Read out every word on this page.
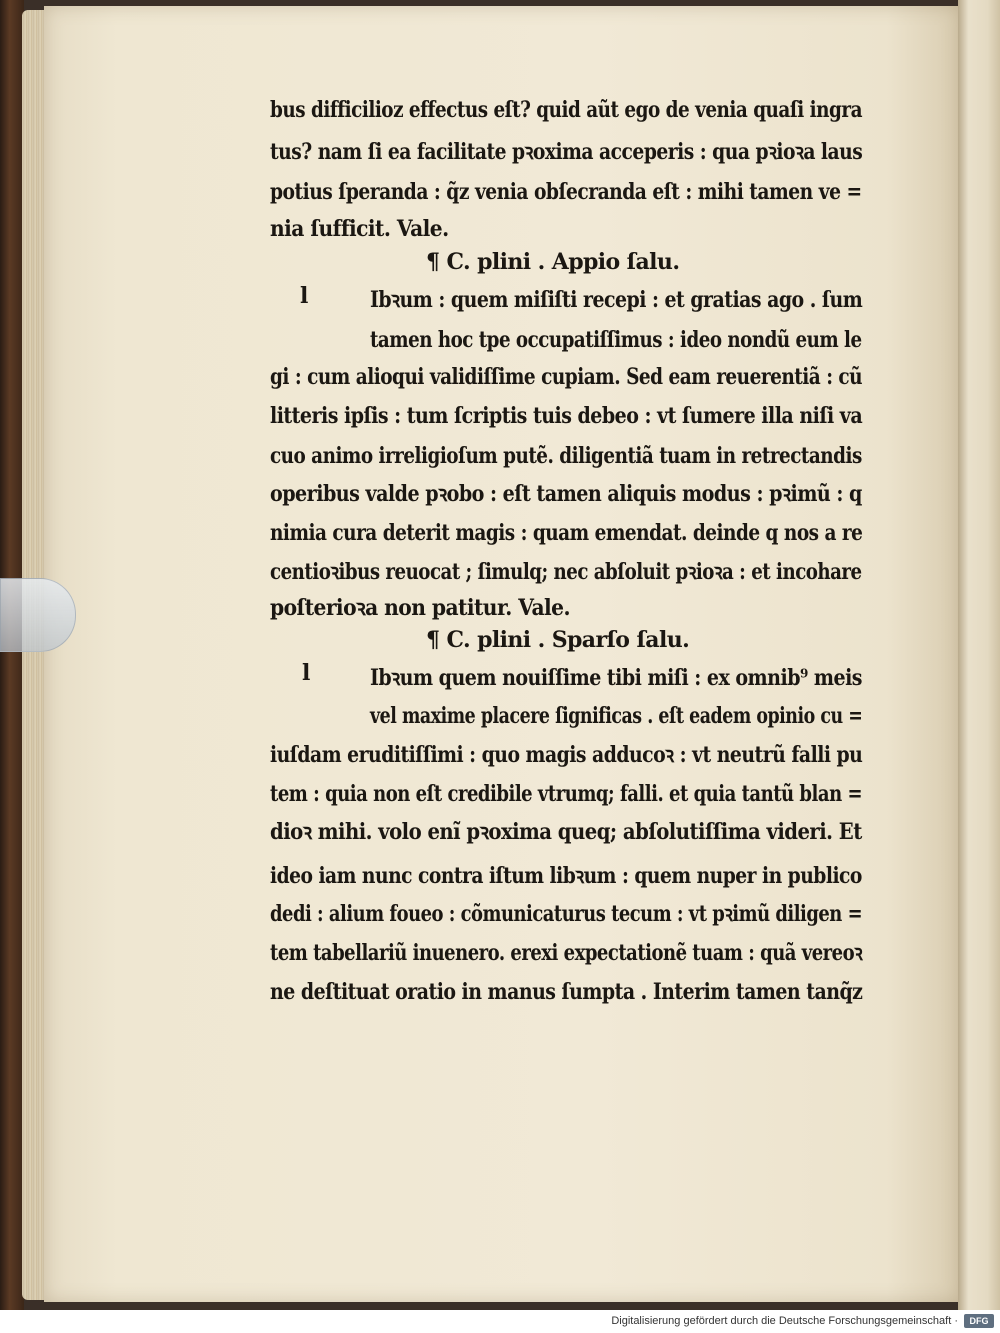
l
l
bus difficilioz effectus eſt? quid aũt ego de venia quaſi ingra
tus? nam ſi ea facilitate pꝛoxima acceperis : qua pꝛioꝛa laus
potius ſperanda : q̃z venia obſecranda eſt : mihi tamen ve =
nia ſufficit. Vale.
¶ C. plini . Appio ſalu.
Ibꝛum : quem miſiſti recepi : et gratias ago . ſum
tamen hoc tpe occupatiſſimus : ideo nondũ eum le
gi : cum alioqui validiſſime cupiam. Sed eam reuerentiã : cũ
litteris ipſis : tum ſcriptis tuis debeo : vt ſumere illa niſi va
cuo animo irreligioſum putẽ. diligentiã tuam in retrectandis
operibus valde pꝛobo : eſt tamen aliquis modus : pꝛimũ : q
nimia cura deterit magis : quam emendat. deinde q nos a re
centioꝛibus reuocat ; ſimulq; nec abſoluit pꝛioꝛa : et incohare
poſterioꝛa non patitur. Vale.
¶ C. plini . Sparſo ſalu.
Ibꝛum quem nouiſſime tibi miſi : ex omnib⁹ meis
vel maxime placere ſignificas . eſt eadem opinio cu =
iuſdam eruditiſſimi : quo magis adducoꝛ : vt neutrũ falli pu
tem : quia non eſt credibile vtrumq; falli. et quia tantũ blan =
dioꝛ mihi. volo enĩ pꝛoxima queq; abſolutiſſima videri. Et
ideo iam nunc contra iſtum libꝛum : quem nuper in publico
dedi : alium foueo : cõmunicaturus tecum : vt pꝛimũ diligen =
tem tabellariũ inuenero. erexi expectationẽ tuam : quã vereoꝛ
ne deſtituat oratio in manus ſumpta . Interim tamen tanq̃z
Digitalisierung gefördert durch die Deutsche Forschungsgemeinschaft ·	DFG
